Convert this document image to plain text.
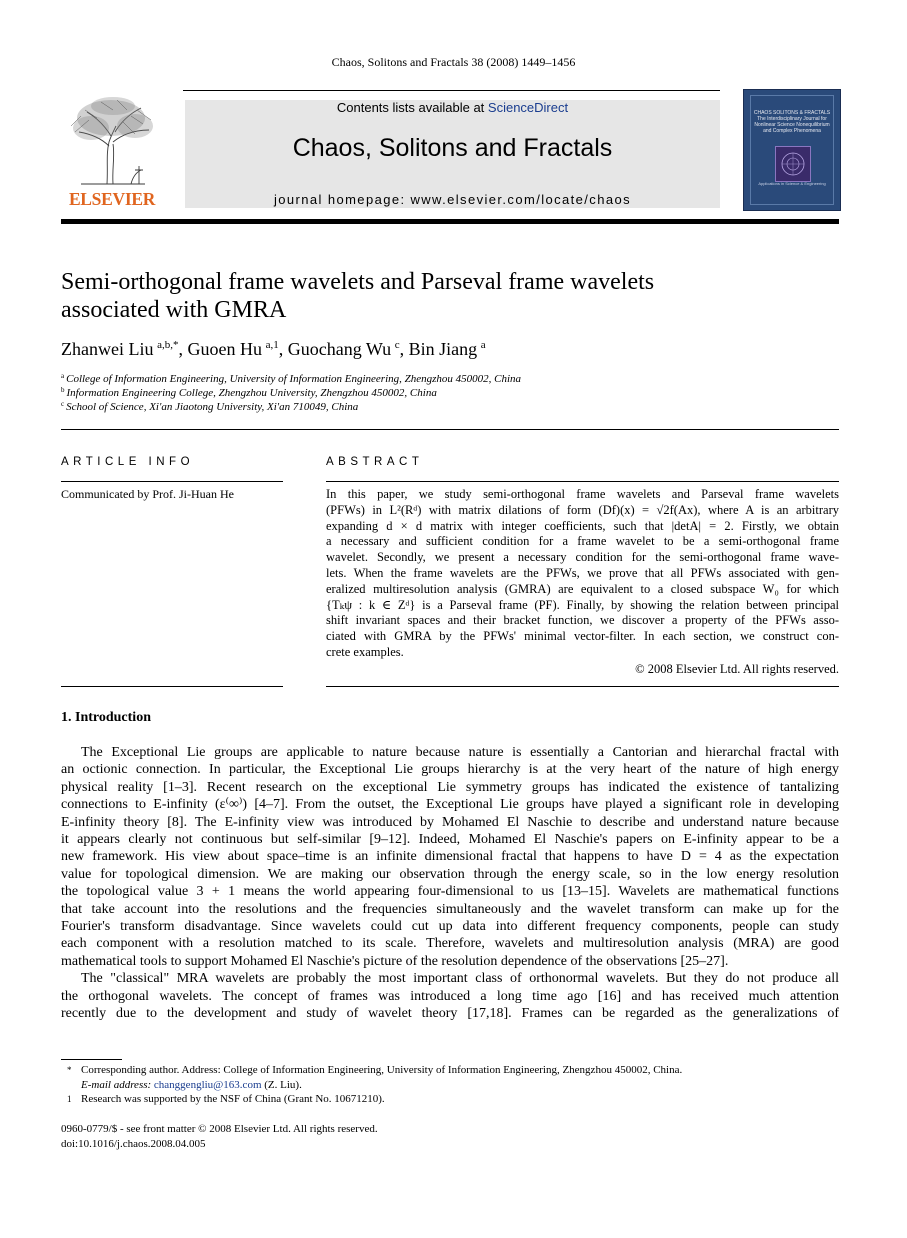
Chaos, Solitons and Fractals 38 (2008) 1449–1456
ELSEVIER
Contents lists available at ScienceDirect
Chaos, Solitons and Fractals
journal homepage: www.elsevier.com/locate/chaos
CHAOS SOLITONS & FRACTALS
The Interdisciplinary Journal for Nonlinear Science Nonequilibrium and Complex Phenomena
Applications in Science & Engineering
Semi-orthogonal frame wavelets and Parseval frame wavelets
associated with GMRA
Zhanwei Liu  $^{a,b,*}$, Guoen Hu  $^{a,1}$, Guochang Wu  $^c$, Bin Jiang  $^a$
$^a$ College of Information Engineering, University of Information Engineering, Zhengzhou 450002, China
$^b$ Information Engineering College, Zhengzhou University, Zhengzhou 450002, China
$^c$ School of Science, Xi'an Jiaotong University, Xi'an 710049, China
ARTICLE INFO
Communicated by Prof. Ji-Huan He
ABSTRACT
In this paper, we study semi-orthogonal frame wavelets and Parseval frame wavelets
(PFWs) in L²(Rᵈ) with matrix dilations of form (Df)(x) = √2f(Ax), where A is an arbitrary
expanding d × d matrix with integer coefficients, such that |detA| = 2. Firstly, we obtain
a necessary and sufficient condition for a frame wavelet to be a semi-orthogonal frame
wavelet. Secondly, we present a necessary condition for the semi-orthogonal frame wave-
lets. When the frame wavelets are the PFWs, we prove that all PFWs associated with gen-
eralized multiresolution analysis (GMRA) are equivalent to a closed subspace W₀ for which
{Tₖψ : k ∈ Zᵈ} is a Parseval frame (PF). Finally, by showing the relation between principal
shift invariant spaces and their bracket function, we discover a property of the PFWs asso-
ciated with GMRA by the PFWs' minimal vector-filter. In each section, we construct con-
crete examples.
© 2008 Elsevier Ltd. All rights reserved.
1. Introduction
The Exceptional Lie groups are applicable to nature because nature is essentially a Cantorian and hierarchal fractal with
an octionic connection. In particular, the Exceptional Lie groups hierarchy is at the very heart of the nature of high energy
physical reality [1–3]. Recent research on the exceptional Lie symmetry groups has indicated the existence of tantalizing
connections to E-infinity (ε⁽∞⁾) [4–7]. From the outset, the Exceptional Lie groups have played a significant role in developing
E-infinity theory [8]. The E-infinity view was introduced by Mohamed El Naschie to describe and understand nature because
it appears clearly not continuous but self-similar [9–12]. Indeed, Mohamed El Naschie's papers on E-infinity appear to be a
new framework. His view about space–time is an infinite dimensional fractal that happens to have D = 4 as the expectation
value for topological dimension. We are making our observation through the energy scale, so in the low energy resolution
the topological value 3 + 1 means the world appearing four-dimensional to us [13–15]. Wavelets are mathematical functions
that take account into the resolutions and the frequencies simultaneously and the wavelet transform can make up for the
Fourier's transform disadvantage. Since wavelets could cut up data into different frequency components, people can study
each component with a resolution matched to its scale. Therefore, wavelets and multiresolution analysis (MRA) are good
mathematical tools to support Mohamed El Naschie's picture of the resolution dependence of the observations [25–27].
The "classical" MRA wavelets are probably the most important class of orthonormal wavelets. But they do not produce all
the orthogonal wavelets. The concept of frames was introduced a long time ago [16] and has received much attention
recently due to the development and study of wavelet theory [17,18]. Frames can be regarded as the generalizations of
* Corresponding author. Address: College of Information Engineering, University of Information Engineering, Zhengzhou 450002, China.
E-mail address: changgengliu@163.com (Z. Liu).
1 Research was supported by the NSF of China (Grant No. 10671210).
0960-0779/$ - see front matter © 2008 Elsevier Ltd. All rights reserved.
doi:10.1016/j.chaos.2008.04.005
